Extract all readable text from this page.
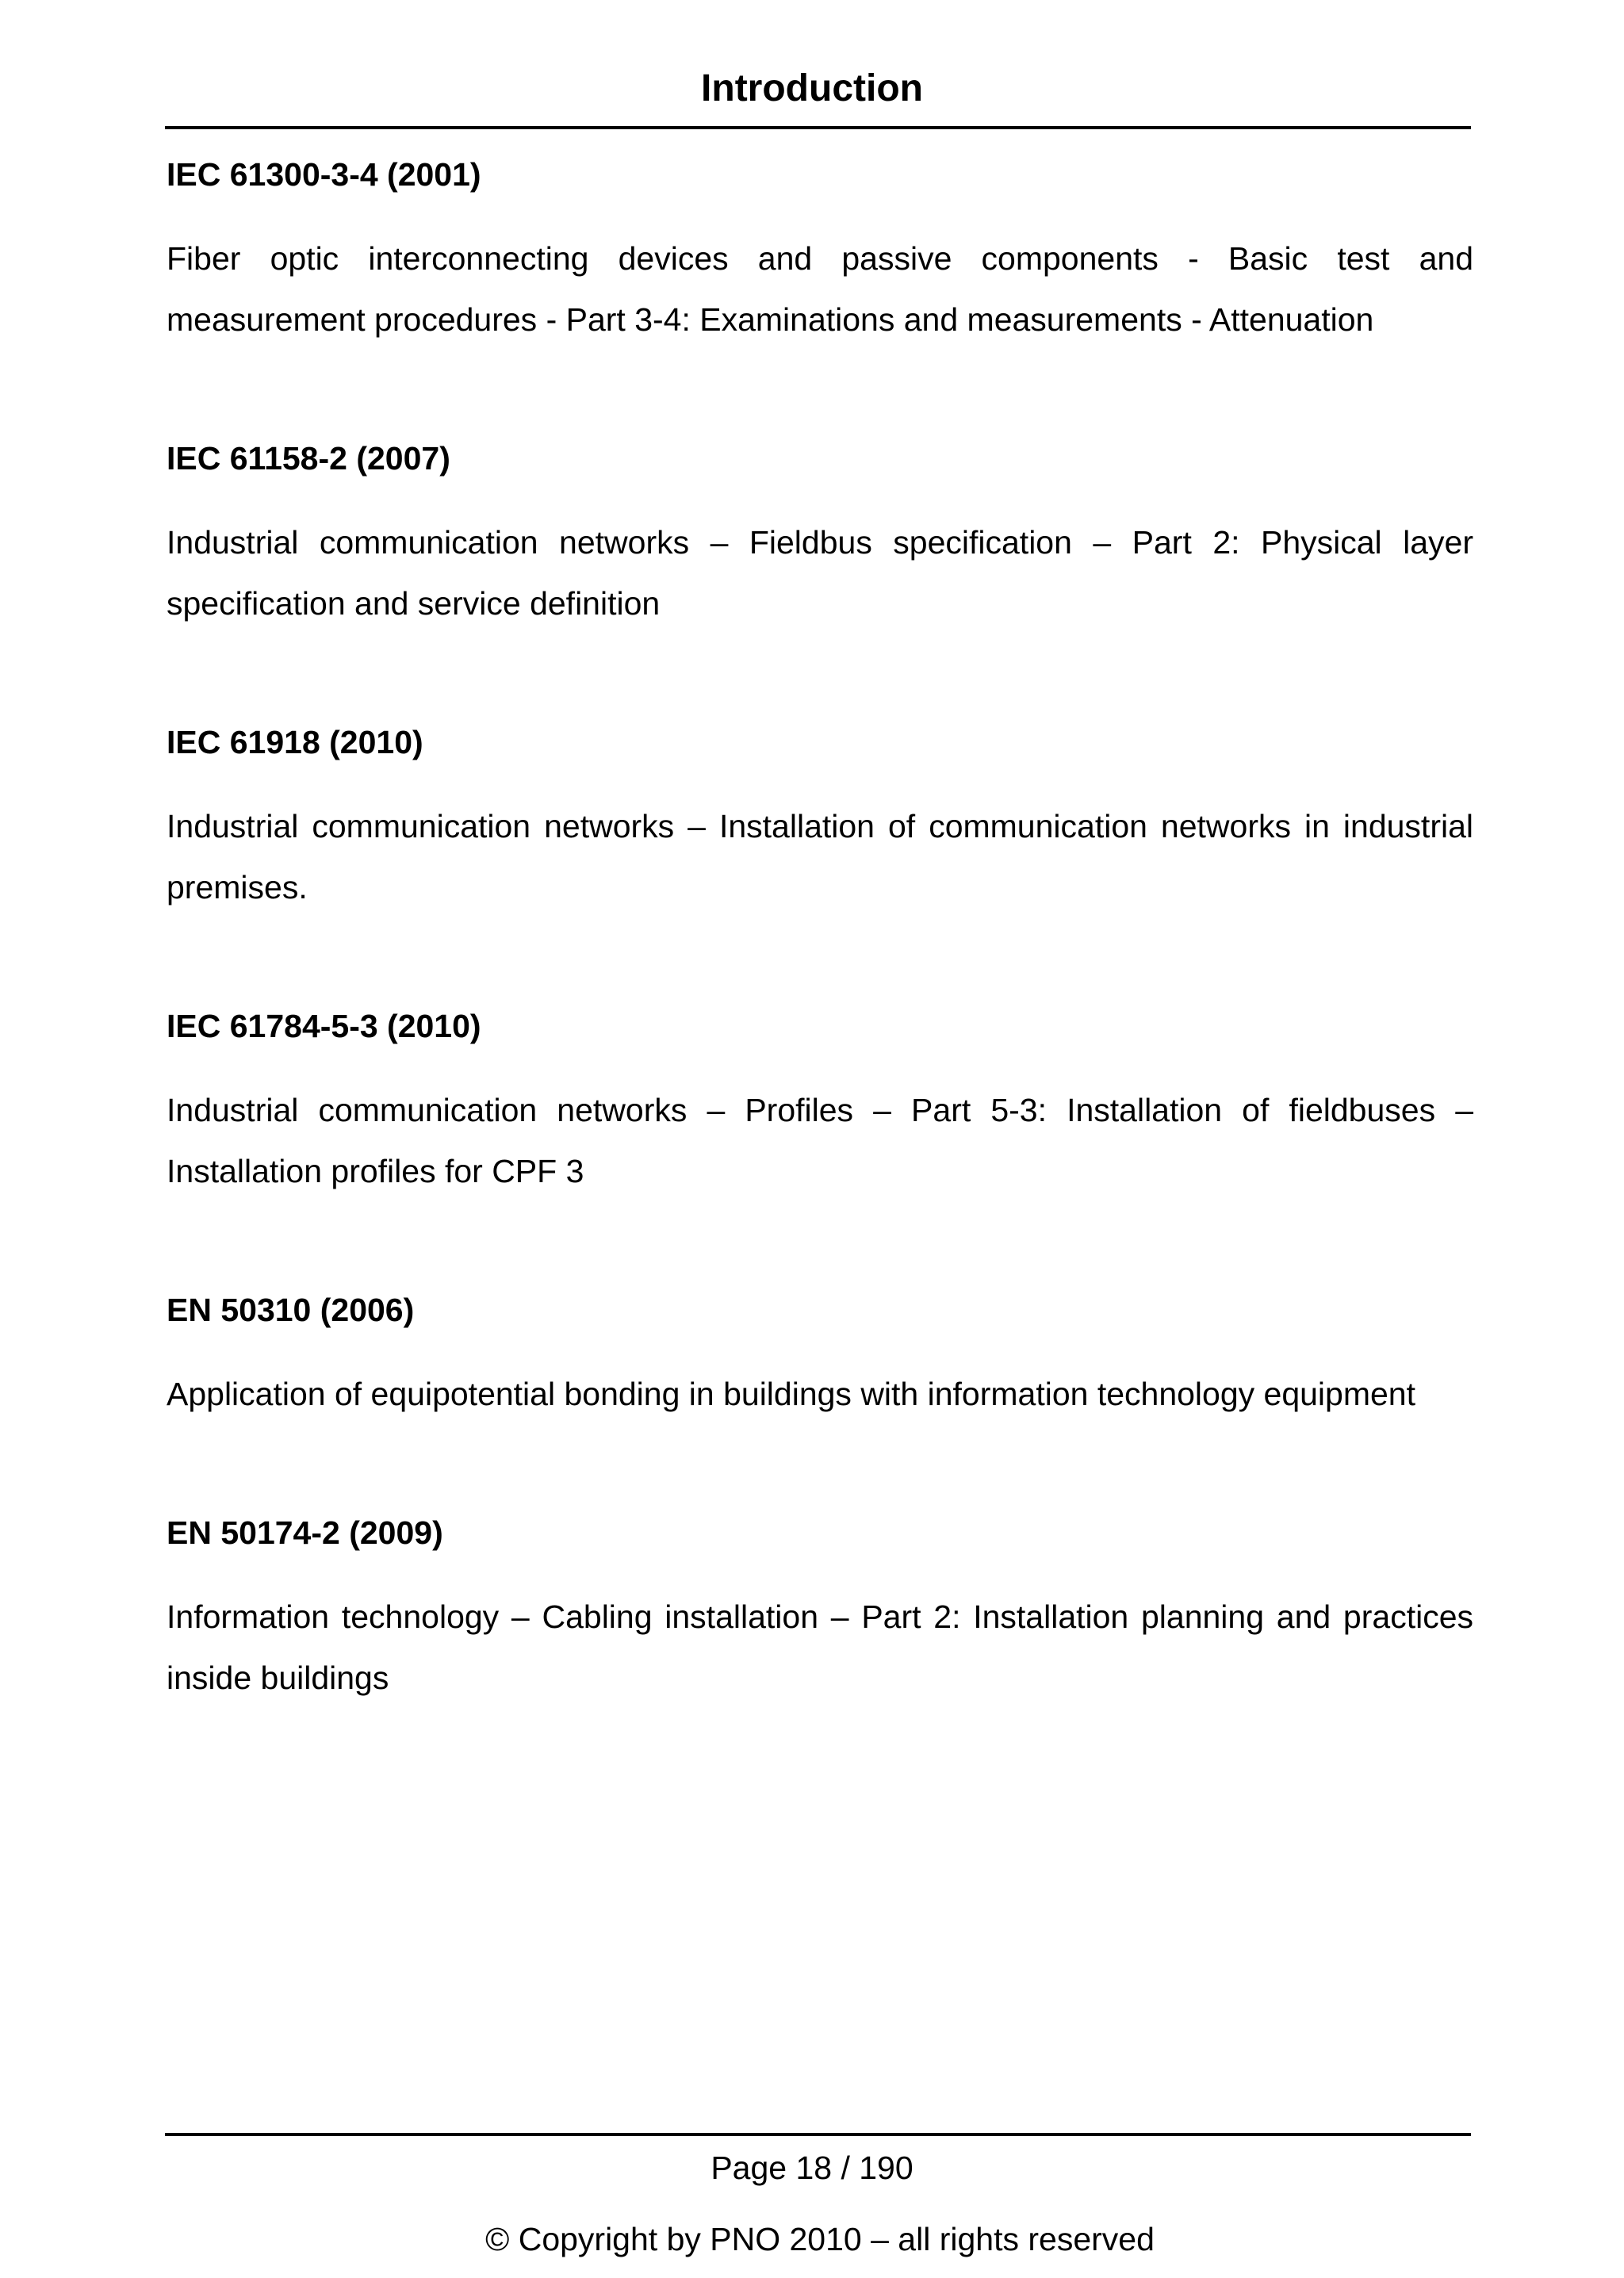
Introduction
IEC 61300-3-4 (2001)

Fiber optic interconnecting devices and passive components - Basic test and measurement procedures - Part 3-4: Examinations and measurements - Attenuation

IEC 61158-2 (2007)

Industrial communication networks – Fieldbus specification – Part 2: Physical layer specification and service definition

IEC 61918 (2010)

Industrial communication networks – Installation of communication networks in industrial premises.

IEC 61784-5-3 (2010)

Industrial communication networks – Profiles – Part 5-3: Installation of fieldbuses – Installation profiles for CPF 3

EN 50310 (2006)

Application of equipotential bonding in buildings with information technology equipment

EN 50174-2 (2009)

Information technology – Cabling installation – Part 2: Installation planning and practices inside buildings

Page 18 / 190
© Copyright by PNO 2010 – all rights reserved
